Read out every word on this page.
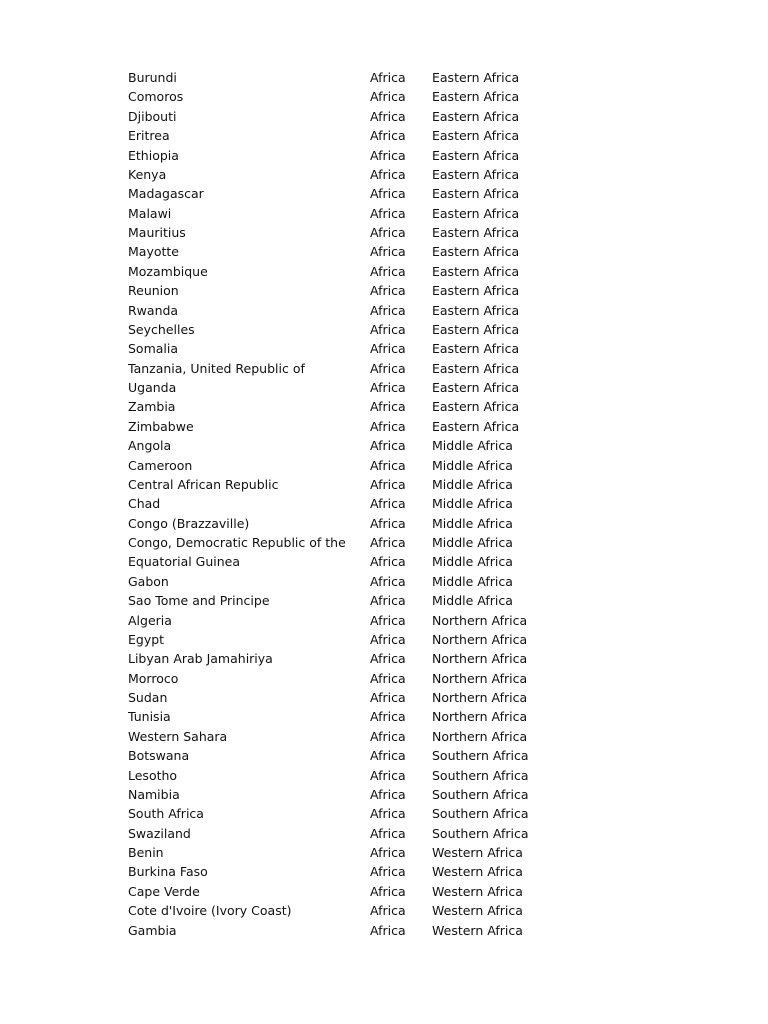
Burundi	Africa	Eastern Africa
Comoros	Africa	Eastern Africa
Djibouti	Africa	Eastern Africa
Eritrea	Africa	Eastern Africa
Ethiopia	Africa	Eastern Africa
Kenya	Africa	Eastern Africa
Madagascar	Africa	Eastern Africa
Malawi	Africa	Eastern Africa
Mauritius	Africa	Eastern Africa
Mayotte	Africa	Eastern Africa
Mozambique	Africa	Eastern Africa
Reunion	Africa	Eastern Africa
Rwanda	Africa	Eastern Africa
Seychelles	Africa	Eastern Africa
Somalia	Africa	Eastern Africa
Tanzania, United Republic of	Africa	Eastern Africa
Uganda	Africa	Eastern Africa
Zambia	Africa	Eastern Africa
Zimbabwe	Africa	Eastern Africa
Angola	Africa	Middle Africa
Cameroon	Africa	Middle Africa
Central African Republic	Africa	Middle Africa
Chad	Africa	Middle Africa
Congo (Brazzaville)	Africa	Middle Africa
Congo, Democratic Republic of the	Africa	Middle Africa
Equatorial Guinea	Africa	Middle Africa
Gabon	Africa	Middle Africa
Sao Tome and Principe	Africa	Middle Africa
Algeria	Africa	Northern Africa
Egypt	Africa	Northern Africa
Libyan Arab Jamahiriya	Africa	Northern Africa
Morroco	Africa	Northern Africa
Sudan	Africa	Northern Africa
Tunisia	Africa	Northern Africa
Western Sahara	Africa	Northern Africa
Botswana	Africa	Southern Africa
Lesotho	Africa	Southern Africa
Namibia	Africa	Southern Africa
South Africa	Africa	Southern Africa
Swaziland	Africa	Southern Africa
Benin	Africa	Western Africa
Burkina Faso	Africa	Western Africa
Cape Verde	Africa	Western Africa
Cote d'Ivoire (Ivory Coast)	Africa	Western Africa
Gambia	Africa	Western Africa
